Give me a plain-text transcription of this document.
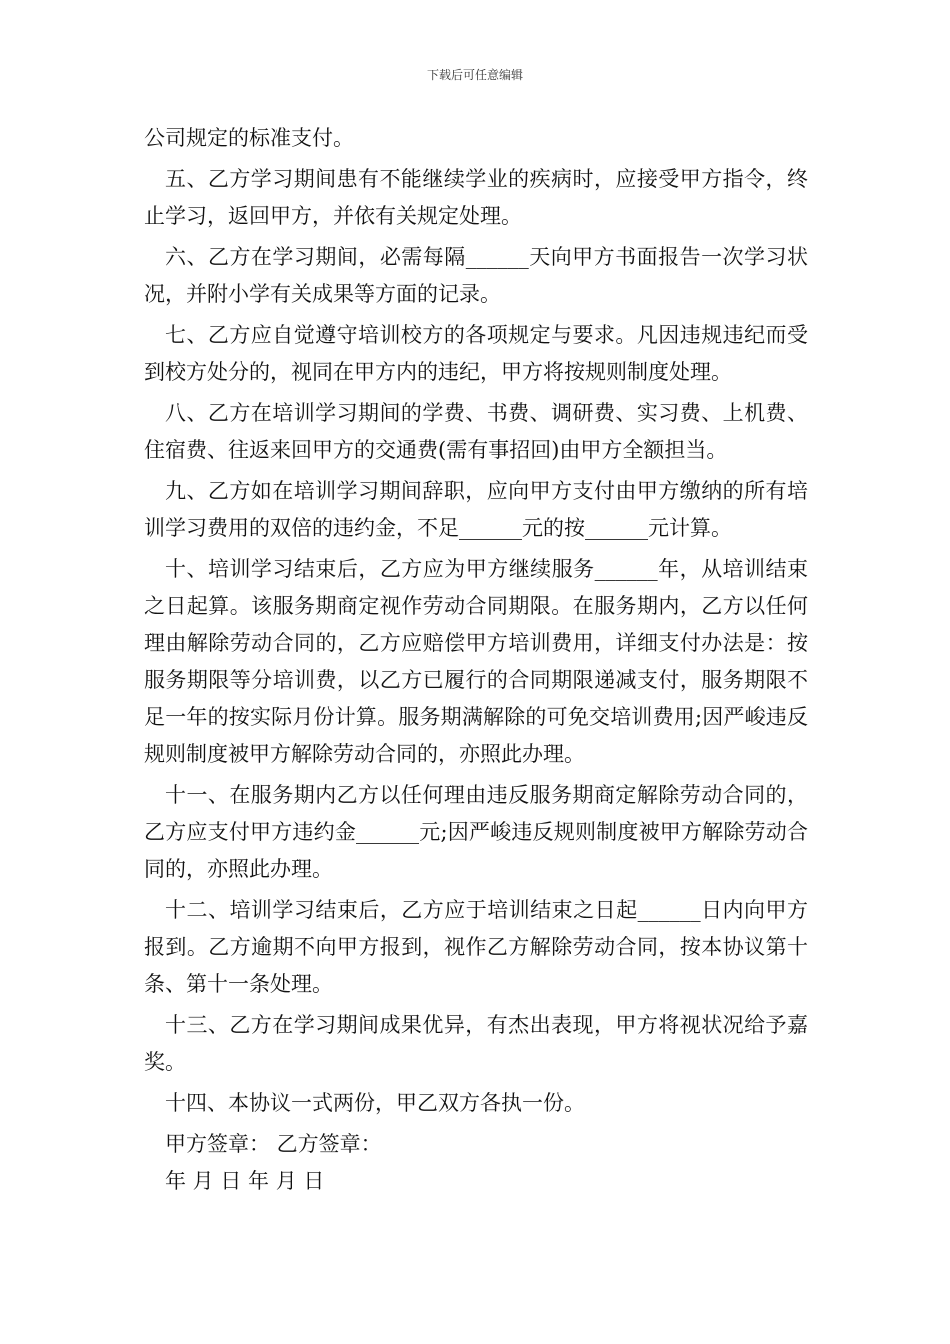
下载后可任意编辑

公司规定的标准支付。

五、乙方学习期间患有不能继续学业的疾病时，应接受甲方指令，终止学习，返回甲方，并依有关规定处理。

六、乙方在学习期间，必需每隔______天向甲方书面报告一次学习状况，并附小学有关成果等方面的记录。

七、乙方应自觉遵守培训校方的各项规定与要求。凡因违规违纪而受到校方处分的，视同在甲方内的违纪，甲方将按规则制度处理。

八、乙方在培训学习期间的学费、书费、调研费、实习费、上机费、住宿费、往返来回甲方的交通费(需有事招回)由甲方全额担当。

九、乙方如在培训学习期间辞职，应向甲方支付由甲方缴纳的所有培训学习费用的双倍的违约金，不足______元的按______元计算。

十、培训学习结束后，乙方应为甲方继续服务______年，从培训结束之日起算。该服务期商定视作劳动合同期限。在服务期内，乙方以任何理由解除劳动合同的，乙方应赔偿甲方培训费用，详细支付办法是：按服务期限等分培训费，以乙方已履行的合同期限递减支付，服务期限不足一年的按实际月份计算。服务期满解除的可免交培训费用;因严峻违反规则制度被甲方解除劳动合同的，亦照此办理。

十一、在服务期内乙方以任何理由违反服务期商定解除劳动合同的，乙方应支付甲方违约金______元;因严峻违反规则制度被甲方解除劳动合同的，亦照此办理。

十二、培训学习结束后，乙方应于培训结束之日起______日内向甲方报到。乙方逾期不向甲方报到，视作乙方解除劳动合同，按本协议第十条、第十一条处理。

十三、乙方在学习期间成果优异，有杰出表现，甲方将视状况给予嘉奖。

十四、本协议一式两份，甲乙双方各执一份。

甲方签章： 乙方签章：

年 月 日 年 月 日
